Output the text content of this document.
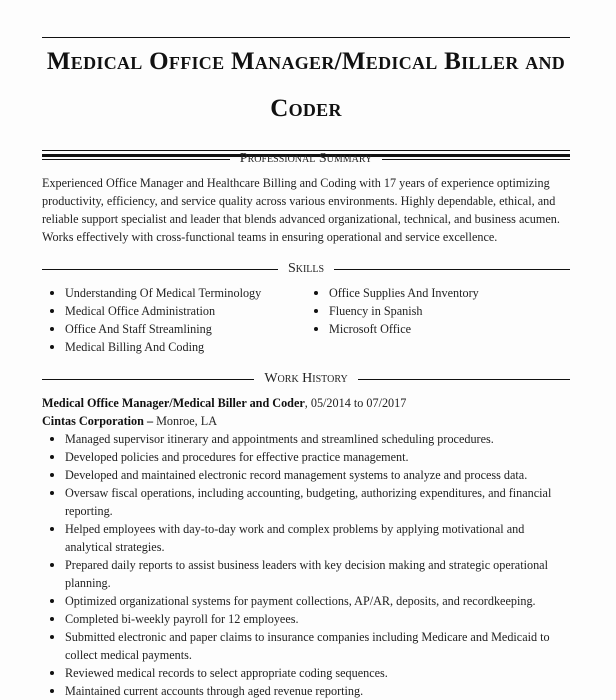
Medical Office Manager/Medical Biller and Coder
Professional Summary

Experienced Office Manager and Healthcare Billing and Coding with 17 years of experience optimizing productivity, efficiency, and service quality across various environments. Highly dependable, ethical, and reliable support specialist and leader that blends advanced organizational, technical, and business acumen. Works effectively with cross-functional teams in ensuring operational and service excellence.

Skills
Understanding Of Medical Terminology
Medical Office Administration
Office And Staff Streamlining
Medical Billing And Coding
Office Supplies And Inventory
Fluency in Spanish
Microsoft Office
Work History

Medical Office Manager/Medical Biller and Coder, 05/2014 to 07/2017

Cintas Corporation – Monroe, LA

Managed supervisor itinerary and appointments and streamlined scheduling procedures.
Developed policies and procedures for effective practice management.
Developed and maintained electronic record management systems to analyze and process data.
Oversaw fiscal operations, including accounting, budgeting, authorizing expenditures, and financial reporting.
Helped employees with day-to-day work and complex problems by applying motivational and analytical strategies.
Prepared daily reports to assist business leaders with key decision making and strategic operational planning.
Optimized organizational systems for payment collections, AP/AR, deposits, and recordkeeping.
Completed bi-weekly payroll for 12 employees.
Submitted electronic and paper claims to insurance companies including Medicare and Medicaid to collect medical payments.
Reviewed medical records to select appropriate coding sequences.
Maintained current accounts through aged revenue reporting.
